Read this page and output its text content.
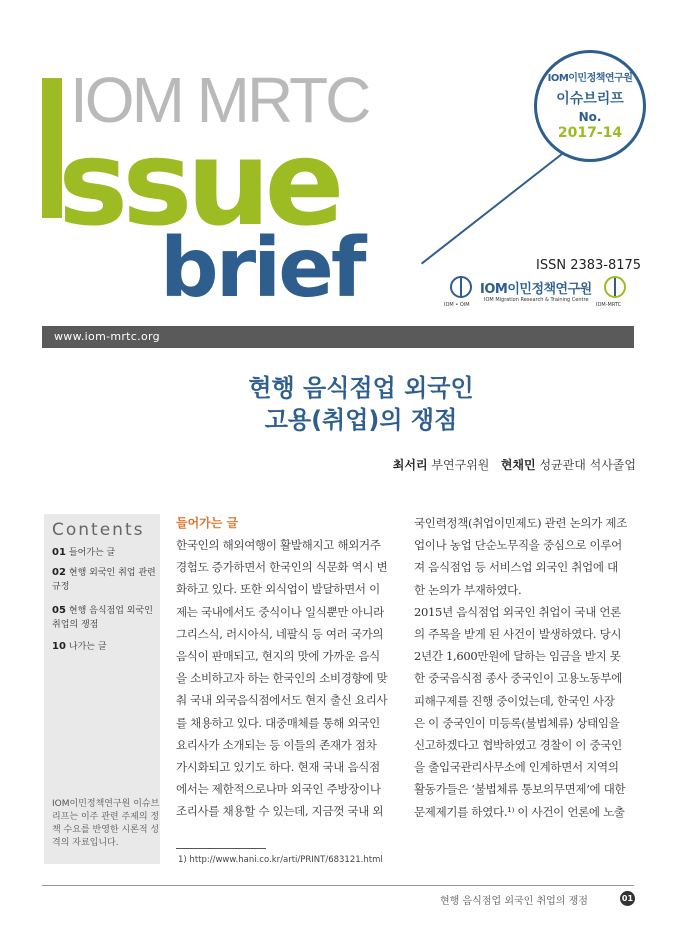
IOM MRTC
ssue
brief
IOM이민정책연구원
이슈브리프
No.
2017-14
ISSN 2383-8175
IOM • OIM
IOM이민정책연구원
IOM Migration Research & Training Centre
IOM-MRTC
www.iom-mrtc.org
현행 음식점업 외국인
고용(취업)의 쟁점
최서리 부연구위원 현채민 성균관대 석사졸업
Contents
01 들어가는 글
02 현행 외국인 취업 관련 규정
05 현행 음식점업 외국인 취업의 쟁점
10 나가는 글
IOM이민정책연구원 이슈브리프는 이주 관련 주제의 정책 수요를 반영한 시론적 성격의 자료입니다.
들어가는 글

한국인의 해외여행이 활발해지고 해외거주

경험도 증가하면서 한국인의 식문화 역시 변

화하고 있다. 또한 외식업이 발달하면서 이

제는 국내에서도 중식이나 일식뿐만 아니라

그리스식, 러시아식, 네팔식 등 여러 국가의

음식이 판매되고, 현지의 맛에 가까운 음식

을 소비하고자 하는 한국인의 소비경향에 맞

춰 국내 외국음식점에서도 현지 출신 요리사

를 채용하고 있다. 대중매체를 통해 외국인

요리사가 소개되는 등 이들의 존재가 점차

가시화되고 있기도 하다. 현재 국내 음식점

에서는 제한적으로나마 외국인 주방장이나

조리사를 채용할 수 있는데, 지금껏 국내 외

국인력정책(취업이민제도) 관련 논의가 제조

업이나 농업 단순노무직을 중심으로 이루어

져 음식점업 등 서비스업 외국인 취업에 대

한 논의가 부재하였다.

2015년 음식점업 외국인 취업이 국내 언론

의 주목을 받게 된 사건이 발생하였다. 당시

2년간 1,600만원에 달하는 임금을 받지 못

한 중국음식점 종사 중국인이 고용노동부에

피해구제를 진행 중이었는데, 한국인 사장

은 이 중국인이 미등록(불법체류) 상태임을

신고하겠다고 협박하였고 경찰이 이 중국인

을 출입국관리사무소에 인계하면서 지역의

활동가들은 ‘불법체류 통보의무면제’에 대한

문제제기를 하였다.¹⁾ 이 사건이 언론에 노출

1) http://www.hani.co.kr/arti/PRINT/683121.html
현행 음식점업 외국인 취업의 쟁점	01
